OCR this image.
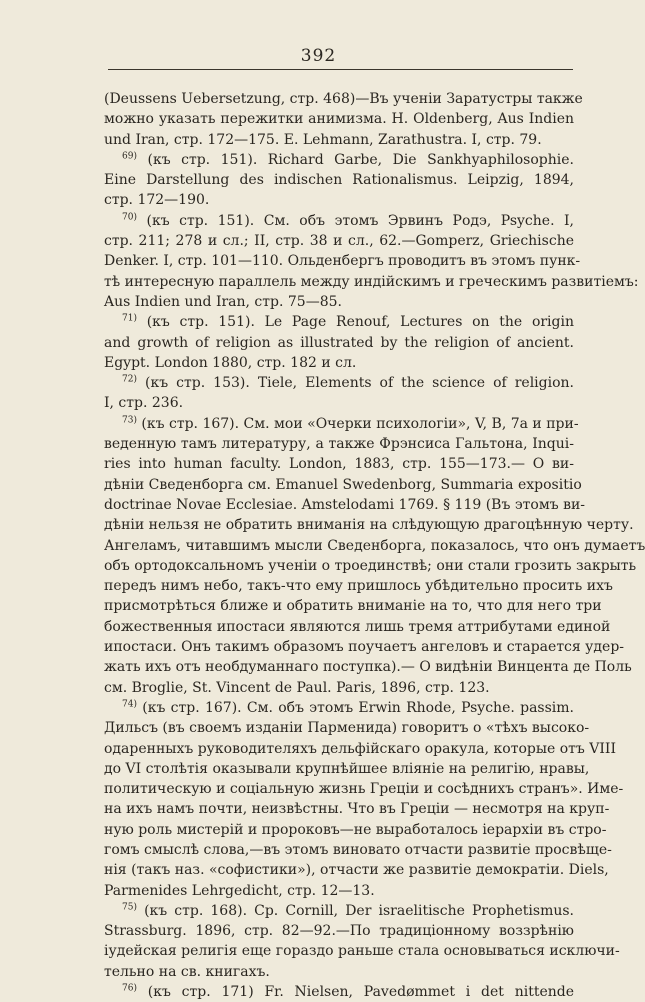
392
(Deussens Uebersetzung, стр. 468)—Въ ученіи Заратустры также
можно указать пережитки анимизма. H. Oldenberg, Aus Indien
und Iran, стр. 172—175. E. Lehmann, Zarathustra. I, стр. 79.
$^{69)}$ (къ стр. 151). Richard Garbe, Die Sankhyaphilosophie.
Eine Darstellung des indischen Rationalismus. Leipzig, 1894,
стр. 172—190.
$^{70)}$ (къ стр. 151). См. объ этомъ Эрвинъ Родэ, Psyche. I,
стр. 211; 278 и сл.; II, стр. 38 и сл., 62.—Gomperz, Griechische
Denker. I, стр. 101—110. Ольденбергъ проводитъ въ этомъ пунк-
тѣ интересную параллель между индійскимъ и греческимъ развитіемъ:
Aus Indien und Iran, стр. 75—85.
$^{71)}$ (къ стр. 151). Le Page Renouf, Lectures on the origin
and growth of religion as illustrated by the religion of ancient.
Egypt. London 1880, стр. 182 и сл.
$^{72)}$ (къ стр. 153). Tiele, Elements of the science of religion.
I, стр. 236.
$^{73)}$ (къ стр. 167). См. мои «Очерки психологіи», V, B, 7a и при-
веденную тамъ литературу, а также Фрэнсиса Гальтона, Inqui-
ries into human faculty. London, 1883, стр. 155—173.— О ви-
дѣніи Сведенборга см. Emanuel Swedenborg, Summaria expositio
doctrinae Novae Ecclesiae. Amstelodami 1769. § 119 (Въ этомъ ви-
дѣніи нельзя не обратить вниманія на слѣдующую драгоцѣнную черту.
Ангеламъ, читавшимъ мысли Сведенборга, показалось, что онъ думаетъ
объ ортодоксальномъ ученіи о троединствѣ; они стали грозить закрыть
передъ нимъ небо, такъ-что ему пришлось убѣдительно просить ихъ
присмотрѣться ближе и обратить вниманіе на то, что для него три
божественныя ипостаси являются лишь тремя аттрибутами единой
ипостаси. Онъ такимъ образомъ поучаетъ ангеловъ и старается удер-
жать ихъ отъ необдуманнаго поступка).— О видѣніи Винцента де Поль
см. Broglie, St. Vincent de Paul. Paris, 1896, стр. 123.
$^{74)}$ (къ стр. 167). См. объ этомъ Erwin Rhode, Psyche. passim.
Дильсъ (въ своемъ изданіи Парменида) говоритъ о «тѣхъ высоко-
одаренныхъ руководителяхъ дельфійскаго оракула, которые отъ VIII
до VI столѣтія оказывали крупнѣйшее вліяніе на религію, нравы,
политическую и соціальную жизнь Греціи и сосѣднихъ странъ». Име-
на ихъ намъ почти, неизвѣстны. Что въ Греціи — несмотря на круп-
ную роль мистерій и пророковъ—не выработалось іерархіи въ стро-
гомъ смыслѣ слова,—въ этомъ виновато отчасти развитіе просвѣще-
нія (такъ наз. «софистики»), отчасти же развитіе демократіи. Diels,
Parmenides Lehrgedicht, стр. 12—13.
$^{75)}$ (къ стр. 168). Ср. Cornill, Der israelitische Prophetismus.
Strassburg. 1896, стр. 82—92.—По традиціонному воззрѣнію
іудейская религія еще гораздо раньше стала основываться исключи-
тельно на св. книгахъ.
$^{76)}$ (къ стр. 171) Fr. Nielsen, Pavedømmet i det nittende
